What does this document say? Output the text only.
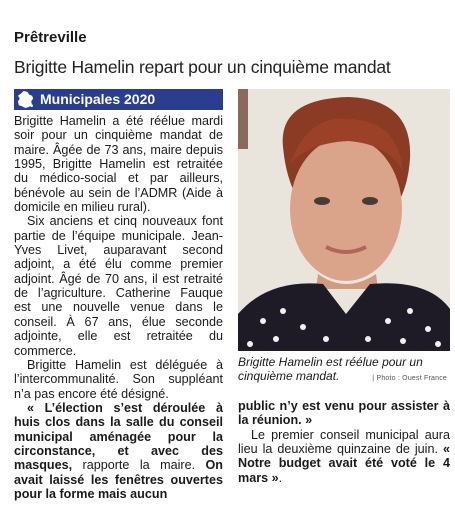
Prêtreville
Brigitte Hamelin repart pour un cinquième mandat
Municipales 2020

Brigitte Hamelin a été réélue mardi soir pour un cinquième mandat de maire. Âgée de 73 ans, maire depuis 1995, Brigitte Hamelin est retraitée du médico-social et par ailleurs, bénévole au sein de l’ADMR (Aide à domicile en milieu rural).

Six anciens et cinq nouveaux font partie de l’équipe municipale. Jean-Yves Livet, auparavant second adjoint, a été élu comme premier adjoint. Âgé de 70 ans, il est retraité de l’agriculture. Catherine Fauque est une nouvelle venue dans le conseil. À 67 ans, élue seconde adjointe, elle est retraitée du commerce.

Brigitte Hamelin est déléguée à l’intercommunalité. Son suppléant n’a pas encore été désigné.

« L’élection s’est déroulée à huis clos dans la salle du conseil municipal aménagée pour la circonstance, et avec des masques, rapporte la maire. On avait laissé les fenêtres ouvertes pour la forme mais aucun

Brigitte Hamelin est réélue pour un cinquième mandat.	| Photo : Ouest France

public n’y est venu pour assister à la réunion. »

Le premier conseil municipal aura lieu la deuxième quinzaine de juin. « Notre budget avait été voté le 4 mars ».
